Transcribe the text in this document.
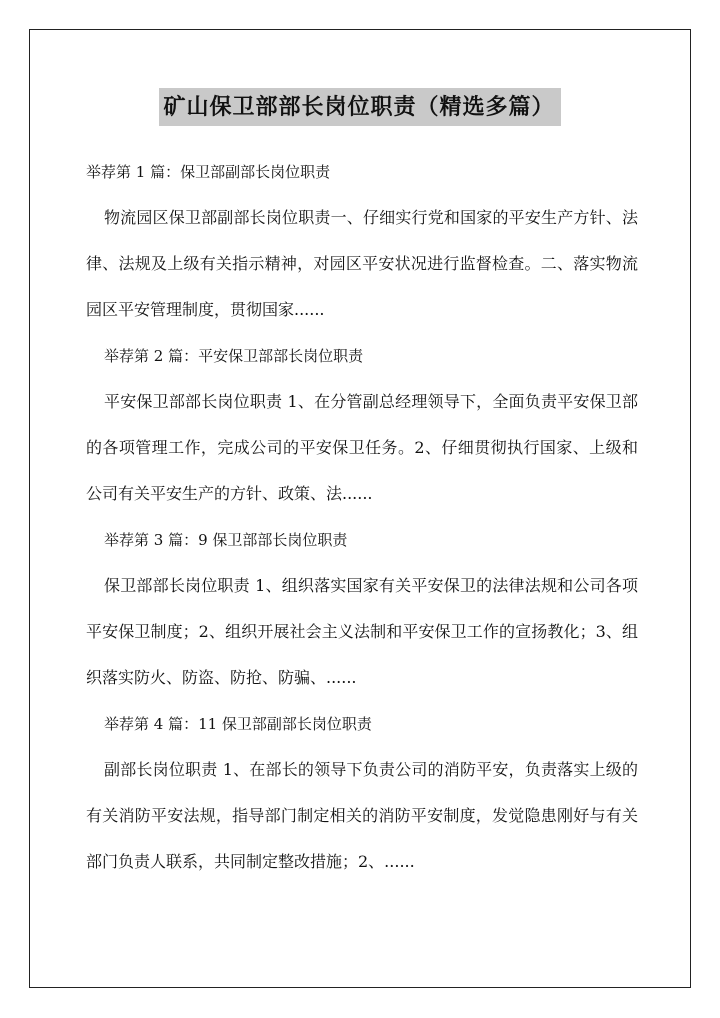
矿山保卫部部长岗位职责（精选多篇）
举荐第 1 篇：保卫部副部长岗位职责
物流园区保卫部副部长岗位职责一、仔细实行党和国家的平安生产方针、法律、法规及上级有关指示精神，对园区平安状况进行监督检查。二、落实物流园区平安管理制度，贯彻国家......
举荐第 2 篇：平安保卫部部长岗位职责
平安保卫部部长岗位职责 1、在分管副总经理领导下，全面负责平安保卫部的各项管理工作，完成公司的平安保卫任务。2、仔细贯彻执行国家、上级和公司有关平安生产的方针、政策、法......
举荐第 3 篇：9 保卫部部长岗位职责
保卫部部长岗位职责 1、组织落实国家有关平安保卫的法律法规和公司各项平安保卫制度；2、组织开展社会主义法制和平安保卫工作的宣扬教化；3、组织落实防火、防盗、防抢、防骗、......
举荐第 4 篇：11 保卫部副部长岗位职责
副部长岗位职责 1、在部长的领导下负责公司的消防平安，负责落实上级的有关消防平安法规，指导部门制定相关的消防平安制度，发觉隐患刚好与有关部门负责人联系，共同制定整改措施；2、......
